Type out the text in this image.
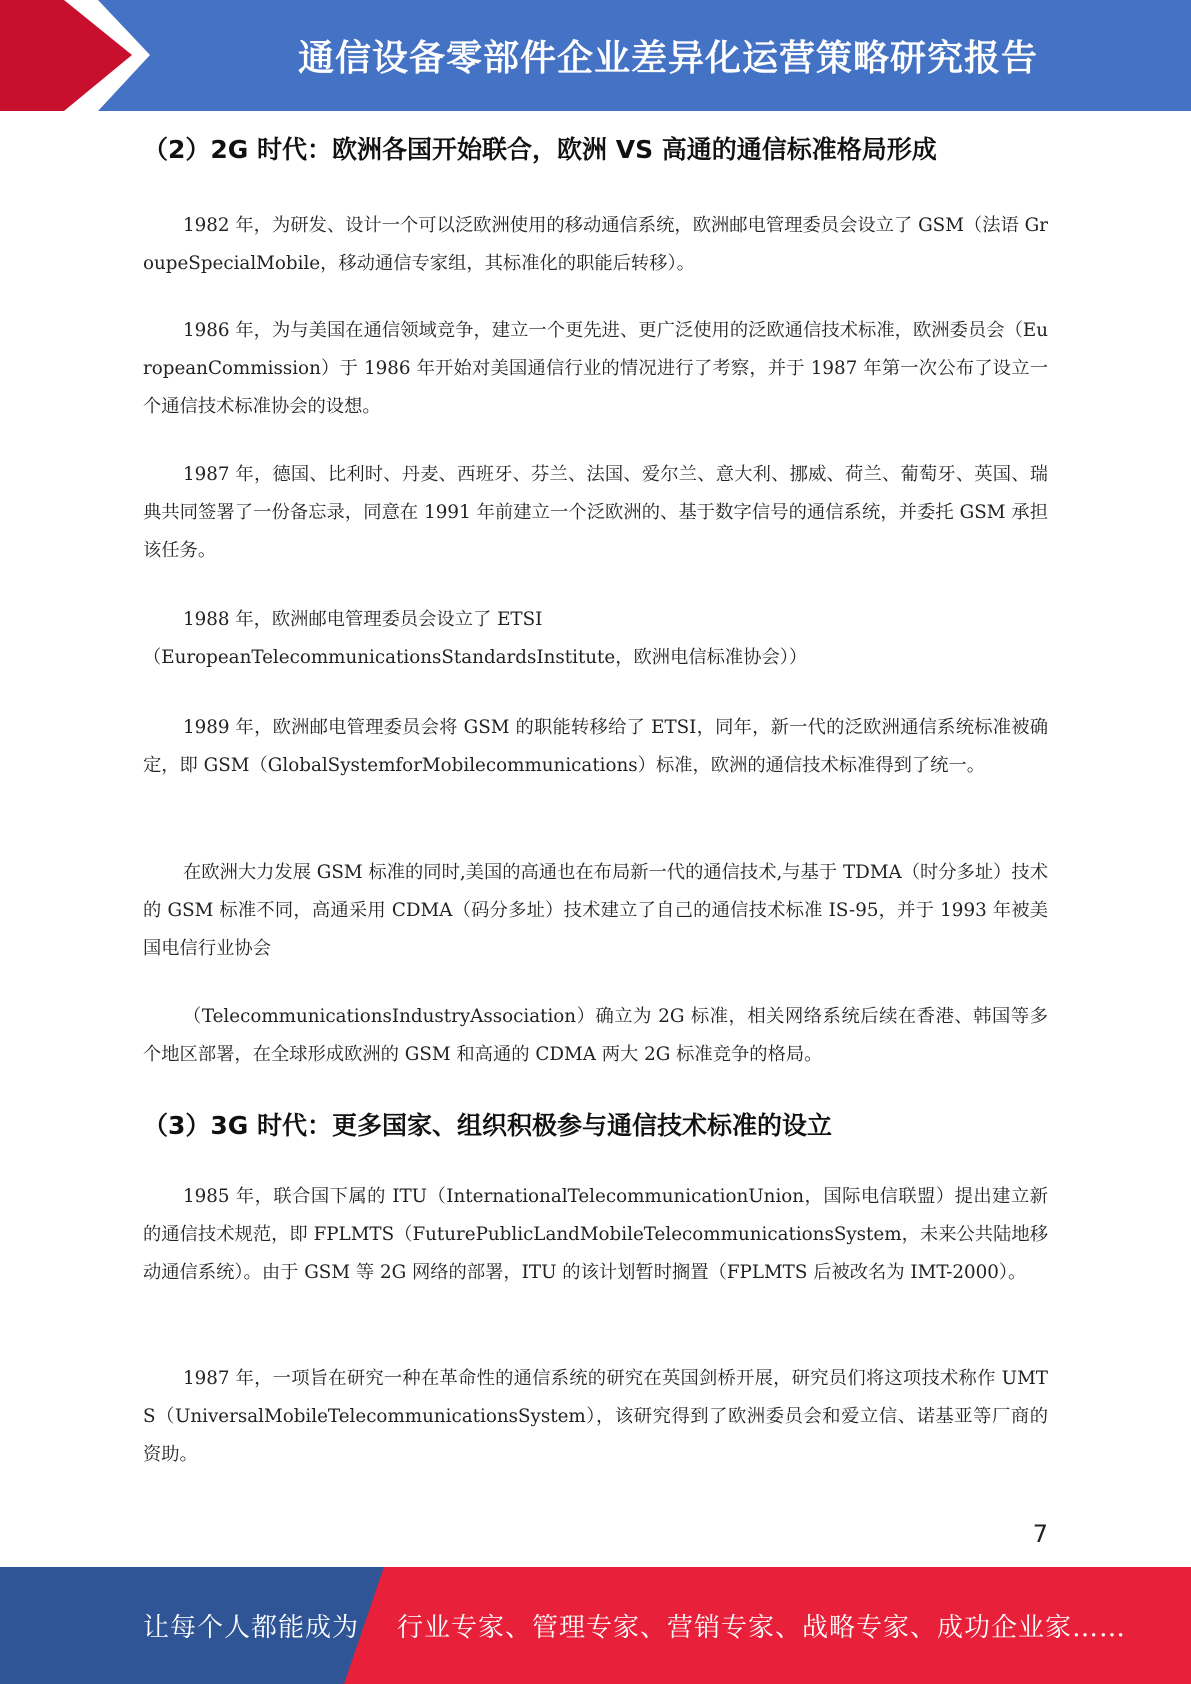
通信设备零部件企业差异化运营策略研究报告
（2）2G 时代：欧洲各国开始联合，欧洲 VS 高通的通信标准格局形成

1982 年，为研发、设计一个可以泛欧洲使用的移动通信系统，欧洲邮电管理委员会设立了 GSM（法语 GroupeSpecialMobile，移动通信专家组，其标准化的职能后转移）。

1986 年，为与美国在通信领域竞争，建立一个更先进、更广泛使用的泛欧通信技术标准，欧洲委员会（EuropeanCommission）于 1986 年开始对美国通信行业的情况进行了考察，并于 1987 年第一次公布了设立一个通信技术标准协会的设想。

1987 年，德国、比利时、丹麦、西班牙、芬兰、法国、爱尔兰、意大利、挪威、荷兰、葡萄牙、英国、瑞典共同签署了一份备忘录，同意在 1991 年前建立一个泛欧洲的、基于数字信号的通信系统，并委托 GSM 承担该任务。

1988 年，欧洲邮电管理委员会设立了 ETSI

（EuropeanTelecommunicationsStandardsInstitute，欧洲电信标准协会））

1989 年，欧洲邮电管理委员会将 GSM 的职能转移给了 ETSI，同年，新一代的泛欧洲通信系统标准被确定，即 GSM（GlobalSystemforMobilecommunications）标准，欧洲的通信技术标准得到了统一。

在欧洲大力发展 GSM 标准的同时,美国的高通也在布局新一代的通信技术,与基于 TDMA（时分多址）技术的 GSM 标准不同，高通采用 CDMA（码分多址）技术建立了自己的通信技术标准 IS-95，并于 1993 年被美国电信行业协会

（TelecommunicationsIndustryAssociation）确立为 2G 标准，相关网络系统后续在香港、韩国等多个地区部署，在全球形成欧洲的 GSM 和高通的 CDMA 两大 2G 标准竞争的格局。

（3）3G 时代：更多国家、组织积极参与通信技术标准的设立

1985 年，联合国下属的 ITU（InternationalTelecommunicationUnion，国际电信联盟）提出建立新的通信技术规范，即 FPLMTS（FuturePublicLandMobileTelecommunicationsSystem，未来公共陆地移动通信系统）。由于 GSM 等 2G 网络的部署，ITU 的该计划暂时搁置（FPLMTS 后被改名为 IMT-2000）。

1987 年，一项旨在研究一种在革命性的通信系统的研究在英国剑桥开展，研究员们将这项技术称作 UMTS（UniversalMobileTelecommunicationsSystem），该研究得到了欧洲委员会和爱立信、诺基亚等厂商的资助。

7
让每个人都能成为 行业专家、管理专家、营销专家、战略专家、成功企业家……
